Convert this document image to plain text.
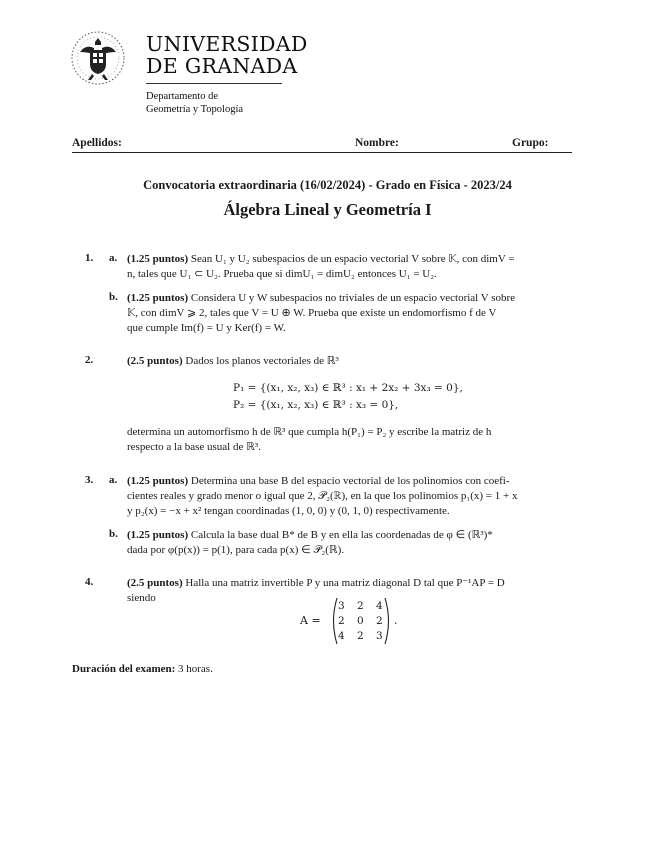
UNIVERSIDAD
DE GRANADA
Departamento de
Geometría y Topología
Apellidos:	Nombre:	Grupo:
Convocatoria extraordinaria (16/02/2024) - Grado en Física - 2023/24
Álgebra Lineal y Geometría I
1. a. (1.25 puntos) Sean U₁ y U₂ subespacios de un espacio vectorial V sobre 𝕂, con dimV =
n, tales que U₁ ⊂ U₂. Prueba que si dimU₁ = dimU₂ entonces U₁ = U₂.
b. (1.25 puntos) Considera U y W subespacios no triviales de un espacio vectorial V sobre
𝕂, con dimV ⩾ 2, tales que V = U ⊕ W. Prueba que existe un endomorfismo f de V
que cumple Im(f) = U y Ker(f) = W.
2.	(2.5 puntos) Dados los planos vectoriales de ℝ³
P₁ = {(x₁, x₂, x₃) ∈ ℝ³ : x₁ + 2x₂ + 3x₃ = 0},
P₂ = {(x₁, x₂, x₃) ∈ ℝ³ : x₃ = 0},
determina un automorfismo h de ℝ³ que cumpla h(P₁) = P₂ y escribe la matriz de h
respecto a la base usual de ℝ³.
3. a. (1.25 puntos) Determina una base B del espacio vectorial de los polinomios con coefi-
cientes reales y grado menor o igual que 2, 𝒫₂(ℝ), en la que los polinomios p₁(x) = 1 + x
y p₂(x) = −x + x² tengan coordinadas (1, 0, 0) y (0, 1, 0) respectivamente.
b. (1.25 puntos) Calcula la base dual B* de B y en ella las coordenadas de φ ∈ (ℝ³)*
dada por φ(p(x)) = p(1), para cada p(x) ∈ 𝒫₂(ℝ).
4.	(2.5 puntos) Halla una matriz invertible P y una matriz diagonal D tal que P⁻¹AP = D
siendo
A =
3 2 4
2 0 2
4 2 3
.
Duración del examen: 3 horas.
